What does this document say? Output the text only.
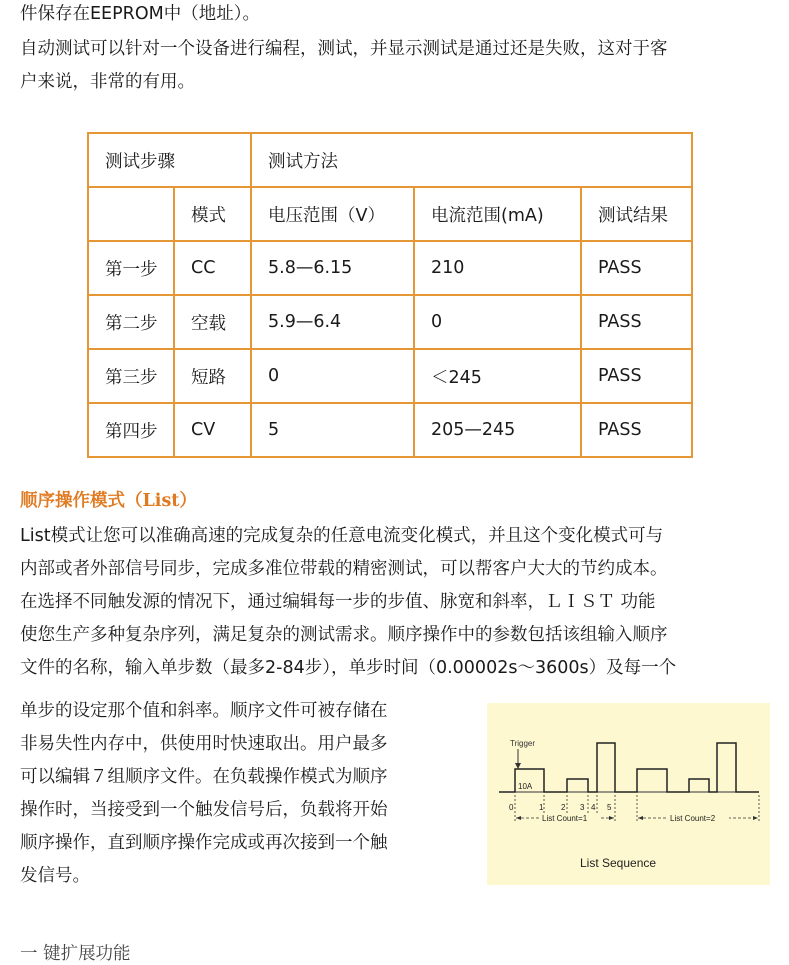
件保存在EEPROM中（地址）。
自动测试可以针对一个设备进行编程，测试，并显示测试是通过还是失败，这对于客
户来说，非常的有用。
测试步骤		测试方法		
	模式	电压范围（V）	电流范围(mA)	测试结果
第一步	CC	5.8—6.15	210	PASS
第二步	空载	5.9—6.4	0	PASS
第三步	短路	0	＜245	PASS
第四步	CV	5	205—245	PASS
顺序操作模式（List）
List模式让您可以准确高速的完成复杂的任意电流变化模式，并且这个变化模式可与
内部或者外部信号同步，完成多准位带载的精密测试，可以帮客户大大的节约成本。
在选择不同触发源的情况下，通过编辑每一步的步值、脉宽和斜率，ＬＩＳＴ 功能
使您生产多种复杂序列，满足复杂的测试需求。顺序操作中的参数包括该组输入顺序
文件的名称，输入单步数（最多2-84步），单步时间（0.00002s～3600s）及每一个
单步的设定那个值和斜率。顺序文件可被存储在
非易失性内存中，供使用时快速取出。用户最多
可以编辑７组顺序文件。在负载操作模式为顺序
操作时，当接受到一个触发信号后，负载将开始
顺序操作，直到顺序操作完成或再次接到一个触
发信号。
Trigger
10A
0	1 2 3 4 5
List Count=1	List Count=2
List Sequence
一 键扩展功能
